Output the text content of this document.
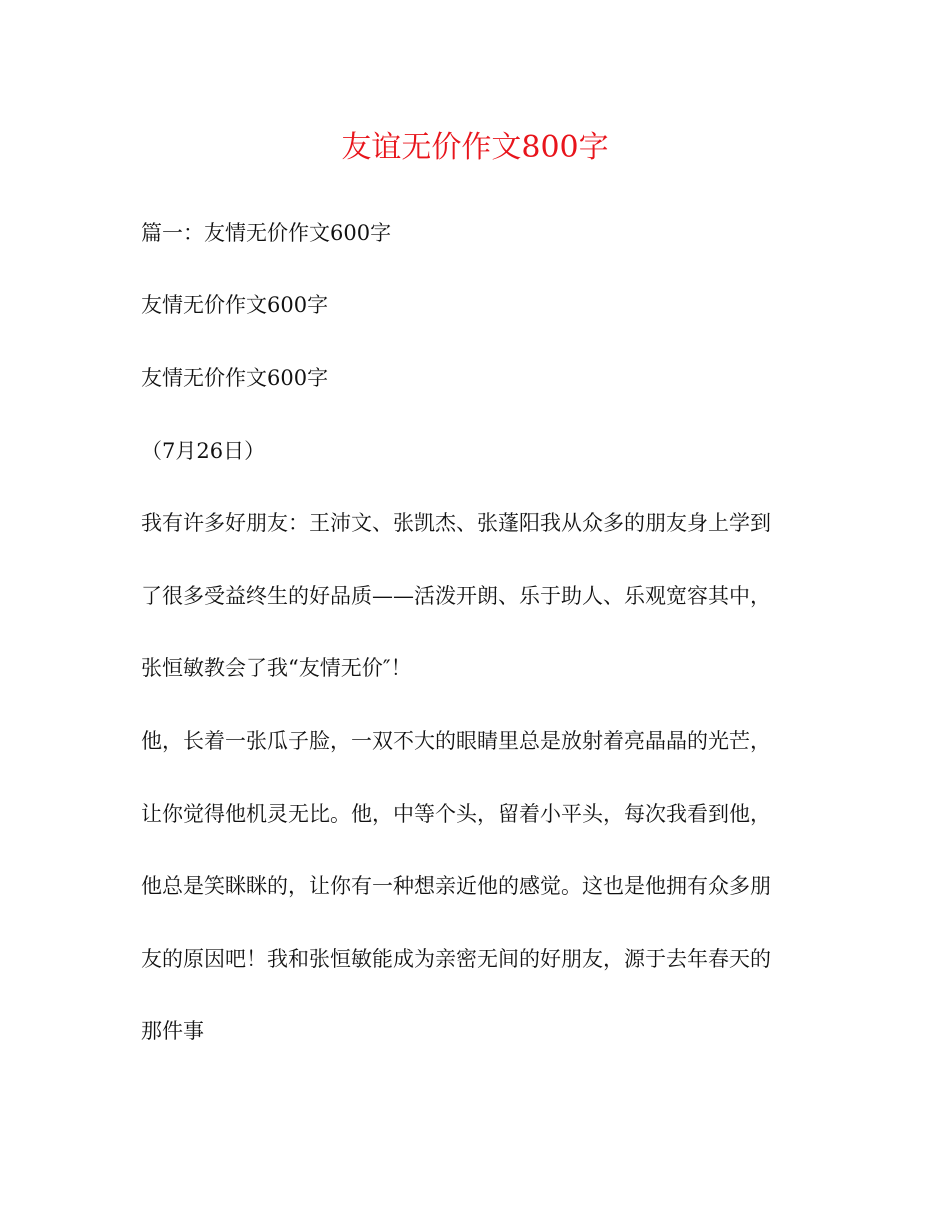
友谊无价作文800字
篇一：友情无价作文600字
友情无价作文600字
友情无价作文600字
（7月26日）
我有许多好朋友：王沛文、张凯杰、张蓬阳我从众多的朋友身上学到
了很多受益终生的好品质——活泼开朗、乐于助人、乐观宽容其中，
张恒敏教会了我“友情无价″！
他，长着一张瓜子脸，一双不大的眼睛里总是放射着亮晶晶的光芒，
让你觉得他机灵无比。他，中等个头，留着小平头，每次我看到他，
他总是笑眯眯的，让你有一种想亲近他的感觉。这也是他拥有众多朋
友的原因吧！我和张恒敏能成为亲密无间的好朋友，源于去年春天的
那件事
